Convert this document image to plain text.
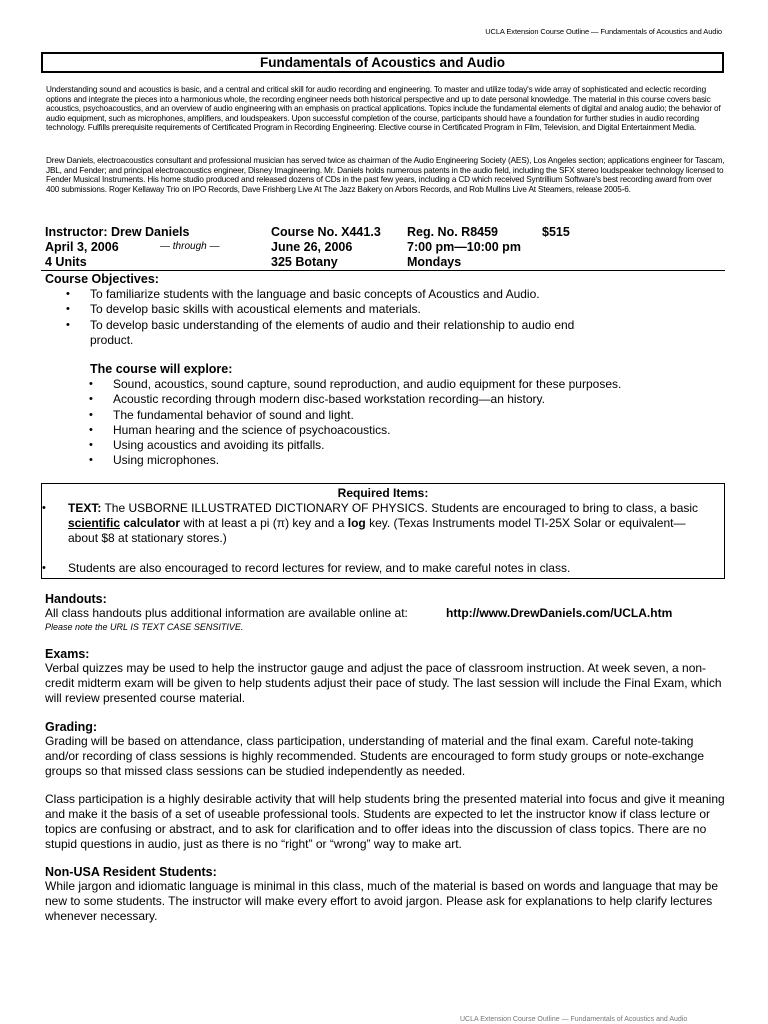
UCLA Extension Course Outline — Fundamentals of Acoustics and Audio
Fundamentals of Acoustics and Audio

Understanding sound and acoustics is basic, and a central and critical skill for audio recording and engineering. To master and utilize today's wide array of sophisticated and eclectic recording options and integrate the pieces into a harmonious whole, the recording engineer needs both historical perspective and up to date personal knowledge. The material in this course covers basic acoustics, psychoacoustics, and an overview of audio engineering with an emphasis on practical applications. Topics include the fundamental elements of digital and analog audio; the behavior of audio equipment, such as microphones, amplifiers, and loudspeakers. Upon successful completion of the course, participants should have a foundation for further studies in audio recording technology. Fulfills prerequisite requirements of Certificated Program in Recording Engineering. Elective course in Certificated Program in Film, Television, and Digital Entertainment Media.

Drew Daniels, electroacoustics consultant and professional musician has served twice as chairman of the Audio Engineering Society (AES), Los Angeles section; applications engineer for Tascam, JBL, and Fender; and principal electroacoustics engineer, Disney Imagineering. Mr. Daniels holds numerous patents in the audio field, including the SFX stereo loudspeaker technology licensed to Fender Musical Instruments. His home studio produced and released dozens of CDs in the past few years, including a CD which received Syntrillium Software's best recording award from over 400 submissions. Roger Kellaway Trio on IPO Records, Dave Frishberg Live At The Jazz Bakery on Arbors Records, and Rob Mullins Live At Steamers, release 2005-6.

Instructor: Drew Daniels
April 3, 2006	— through —
4 Units
Course No. X441.3
June 26, 2006
325 Botany
Reg. No. R8459
7:00 pm—10:00 pm
Mondays
$515
Course Objectives:
• To familiarize students with the language and basic concepts of Acoustics and Audio.
• To develop basic skills with acoustical elements and materials.
• To develop basic understanding of the elements of audio and their relationship to audio end product.
The course will explore:
• Sound, acoustics, sound capture, sound reproduction, and audio equipment for these purposes.
• Acoustic recording through modern disc-based workstation recording—an history.
• The fundamental behavior of sound and light.
• Human hearing and the science of psychoacoustics.
• Using acoustics and avoiding its pitfalls.
• Using microphones.
Required Items:
• TEXT: The USBORNE ILLUSTRATED DICTIONARY OF PHYSICS. Students are encouraged to bring to class, a basic scientific calculator with at least a pi (π) key and a log key. (Texas Instruments model TI-25X Solar or equivalent—about $8 at stationary stores.)
• Students are also encouraged to record lectures for review, and to make careful notes in class.
Handouts:

All class handouts plus additional information are available online at:	http://www.DrewDaniels.com/UCLA.htm
Please note the URL IS TEXT CASE SENSITIVE.
Exams:

Verbal quizzes may be used to help the instructor gauge and adjust the pace of classroom instruction. At week seven, a non-credit midterm exam will be given to help students adjust their pace of study. The last session will include the Final Exam, which will review presented course material.

Grading:

Grading will be based on attendance, class participation, understanding of material and the final exam. Careful note-taking and/or recording of class sessions is highly recommended. Students are encouraged to form study groups or note-exchange groups so that missed class sessions can be studied independently as needed.

Class participation is a highly desirable activity that will help students bring the presented material into focus and give it meaning and make it the basis of a set of useable professional tools. Students are expected to let the instructor know if class lecture or topics are confusing or abstract, and to ask for clarification and to offer ideas into the discussion of class topics. There are no stupid questions in audio, just as there is no “right” or “wrong” way to make art.

Non-USA Resident Students:

While jargon and idiomatic language is minimal in this class, much of the material is based on words and language that may be new to some students. The instructor will make every effort to avoid jargon. Please ask for explanations to help clarify lectures whenever necessary.

UCLA Extension Course Outline — Fundamentals of Acoustics and Audio
